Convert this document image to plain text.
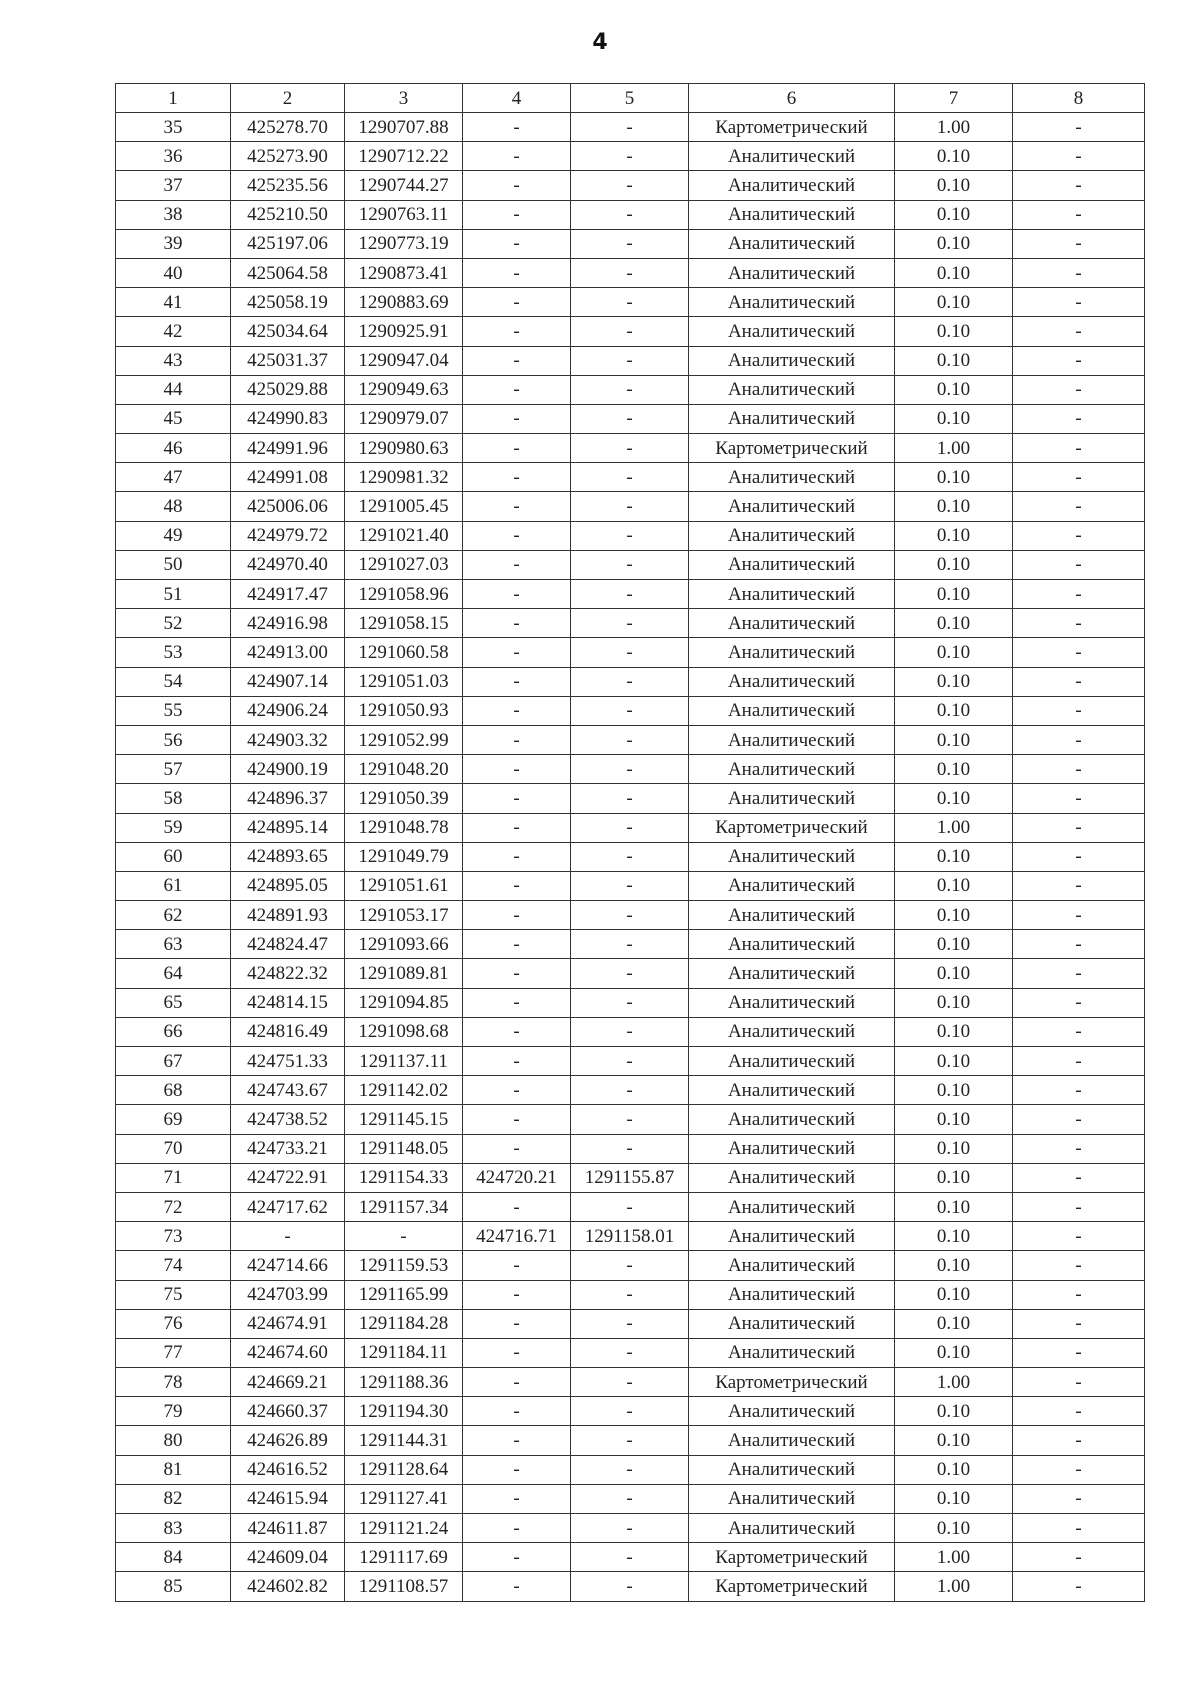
4
1	2	3	4	5	6	7	8
35	425278.70	1290707.88	-	-	Картометрический	1.00	-
36	425273.90	1290712.22	-	-	Аналитический	0.10	-
37	425235.56	1290744.27	-	-	Аналитический	0.10	-
38	425210.50	1290763.11	-	-	Аналитический	0.10	-
39	425197.06	1290773.19	-	-	Аналитический	0.10	-
40	425064.58	1290873.41	-	-	Аналитический	0.10	-
41	425058.19	1290883.69	-	-	Аналитический	0.10	-
42	425034.64	1290925.91	-	-	Аналитический	0.10	-
43	425031.37	1290947.04	-	-	Аналитический	0.10	-
44	425029.88	1290949.63	-	-	Аналитический	0.10	-
45	424990.83	1290979.07	-	-	Аналитический	0.10	-
46	424991.96	1290980.63	-	-	Картометрический	1.00	-
47	424991.08	1290981.32	-	-	Аналитический	0.10	-
48	425006.06	1291005.45	-	-	Аналитический	0.10	-
49	424979.72	1291021.40	-	-	Аналитический	0.10	-
50	424970.40	1291027.03	-	-	Аналитический	0.10	-
51	424917.47	1291058.96	-	-	Аналитический	0.10	-
52	424916.98	1291058.15	-	-	Аналитический	0.10	-
53	424913.00	1291060.58	-	-	Аналитический	0.10	-
54	424907.14	1291051.03	-	-	Аналитический	0.10	-
55	424906.24	1291050.93	-	-	Аналитический	0.10	-
56	424903.32	1291052.99	-	-	Аналитический	0.10	-
57	424900.19	1291048.20	-	-	Аналитический	0.10	-
58	424896.37	1291050.39	-	-	Аналитический	0.10	-
59	424895.14	1291048.78	-	-	Картометрический	1.00	-
60	424893.65	1291049.79	-	-	Аналитический	0.10	-
61	424895.05	1291051.61	-	-	Аналитический	0.10	-
62	424891.93	1291053.17	-	-	Аналитический	0.10	-
63	424824.47	1291093.66	-	-	Аналитический	0.10	-
64	424822.32	1291089.81	-	-	Аналитический	0.10	-
65	424814.15	1291094.85	-	-	Аналитический	0.10	-
66	424816.49	1291098.68	-	-	Аналитический	0.10	-
67	424751.33	1291137.11	-	-	Аналитический	0.10	-
68	424743.67	1291142.02	-	-	Аналитический	0.10	-
69	424738.52	1291145.15	-	-	Аналитический	0.10	-
70	424733.21	1291148.05	-	-	Аналитический	0.10	-
71	424722.91	1291154.33	424720.21	1291155.87	Аналитический	0.10	-
72	424717.62	1291157.34	-	-	Аналитический	0.10	-
73	-	-	424716.71	1291158.01	Аналитический	0.10	-
74	424714.66	1291159.53	-	-	Аналитический	0.10	-
75	424703.99	1291165.99	-	-	Аналитический	0.10	-
76	424674.91	1291184.28	-	-	Аналитический	0.10	-
77	424674.60	1291184.11	-	-	Аналитический	0.10	-
78	424669.21	1291188.36	-	-	Картометрический	1.00	-
79	424660.37	1291194.30	-	-	Аналитический	0.10	-
80	424626.89	1291144.31	-	-	Аналитический	0.10	-
81	424616.52	1291128.64	-	-	Аналитический	0.10	-
82	424615.94	1291127.41	-	-	Аналитический	0.10	-
83	424611.87	1291121.24	-	-	Аналитический	0.10	-
84	424609.04	1291117.69	-	-	Картометрический	1.00	-
85	424602.82	1291108.57	-	-	Картометрический	1.00	-
